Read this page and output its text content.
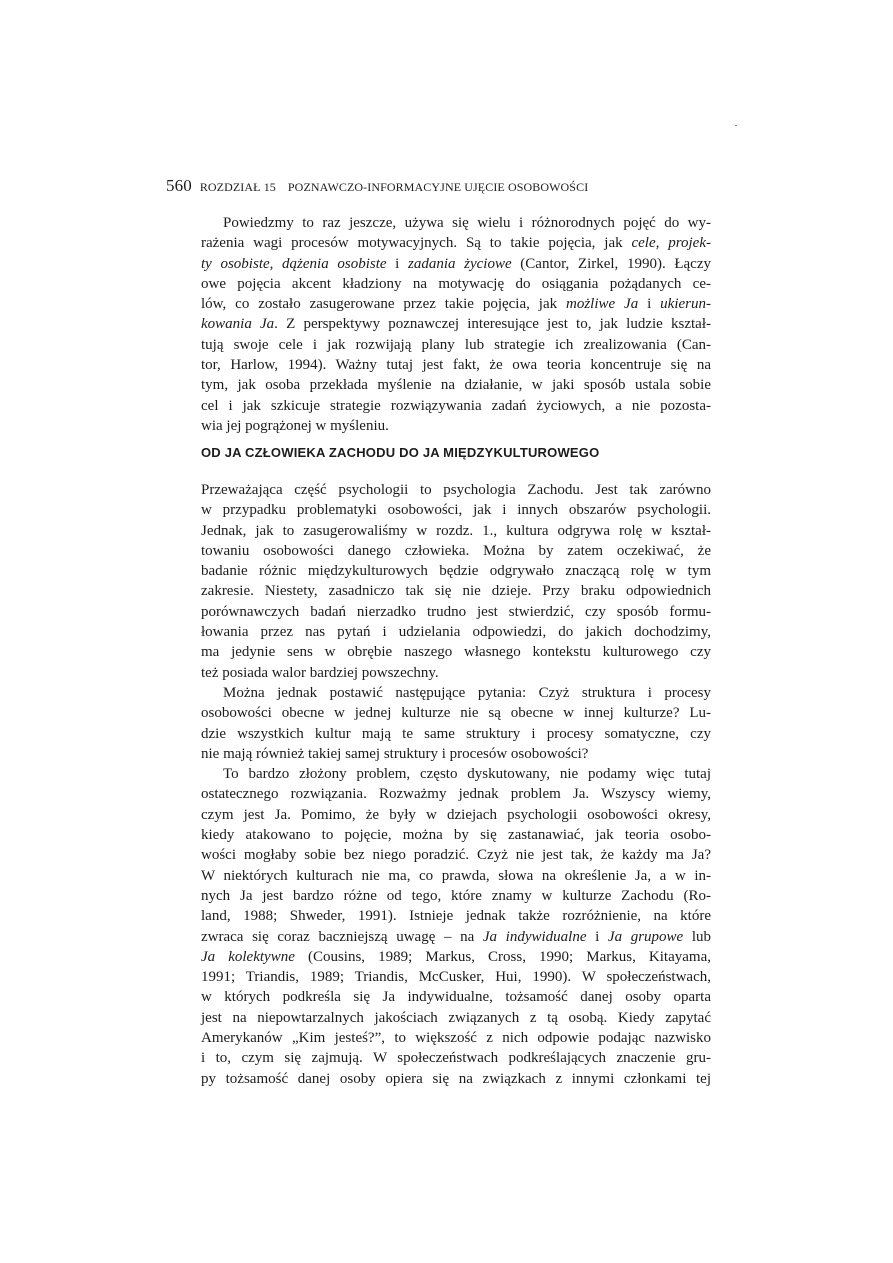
560 ROZDZIAŁ 15 POZNAWCZO-INFORMACYJNE UJĘCIE OSOBOWOŚCI
Powiedzmy to raz jeszcze, używa się wielu i różnorodnych pojęć do wy-
rażenia wagi procesów motywacyjnych. Są to takie pojęcia, jak cele, projek-
ty osobiste, dążenia osobiste i zadania życiowe (Cantor, Zirkel, 1990). Łączy
owe pojęcia akcent kładziony na motywację do osiągania pożądanych ce-
lów, co zostało zasugerowane przez takie pojęcia, jak możliwe Ja i ukierun-
kowania Ja. Z perspektywy poznawczej interesujące jest to, jak ludzie kształ-
tują swoje cele i jak rozwijają plany lub strategie ich zrealizowania (Can-
tor, Harlow, 1994). Ważny tutaj jest fakt, że owa teoria koncentruje się na
tym, jak osoba przekłada myślenie na działanie, w jaki sposób ustala sobie
cel i jak szkicuje strategie rozwiązywania zadań życiowych, a nie pozosta-
wia jej pogrążonej w myśleniu.
OD JA CZŁOWIEKA ZACHODU DO JA MIĘDZYKULTUROWEGO
Przeważająca część psychologii to psychologia Zachodu. Jest tak zarówno
w przypadku problematyki osobowości, jak i innych obszarów psychologii.
Jednak, jak to zasugerowaliśmy w rozdz. 1., kultura odgrywa rolę w kształ-
towaniu osobowości danego człowieka. Można by zatem oczekiwać, że
badanie różnic międzykulturowych będzie odgrywało znaczącą rolę w tym
zakresie. Niestety, zasadniczo tak się nie dzieje. Przy braku odpowiednich
porównawczych badań nierzadko trudno jest stwierdzić, czy sposób formu-
łowania przez nas pytań i udzielania odpowiedzi, do jakich dochodzimy,
ma jedynie sens w obrębie naszego własnego kontekstu kulturowego czy
też posiada walor bardziej powszechny.
Można jednak postawić następujące pytania: Czyż struktura i procesy
osobowości obecne w jednej kulturze nie są obecne w innej kulturze? Lu-
dzie wszystkich kultur mają te same struktury i procesy somatyczne, czy
nie mają również takiej samej struktury i procesów osobowości?
To bardzo złożony problem, często dyskutowany, nie podamy więc tutaj
ostatecznego rozwiązania. Rozważmy jednak problem Ja. Wszyscy wiemy,
czym jest Ja. Pomimo, że były w dziejach psychologii osobowości okresy,
kiedy atakowano to pojęcie, można by się zastanawiać, jak teoria osobo-
wości mogłaby sobie bez niego poradzić. Czyż nie jest tak, że każdy ma Ja?
W niektórych kulturach nie ma, co prawda, słowa na określenie Ja, a w in-
nych Ja jest bardzo różne od tego, które znamy w kulturze Zachodu (Ro-
land, 1988; Shweder, 1991). Istnieje jednak także rozróżnienie, na które
zwraca się coraz baczniejszą uwagę – na Ja indywidualne i Ja grupowe lub
Ja kolektywne (Cousins, 1989; Markus, Cross, 1990; Markus, Kitayama,
1991; Triandis, 1989; Triandis, McCusker, Hui, 1990). W społeczeństwach,
w których podkreśla się Ja indywidualne, tożsamość danej osoby oparta
jest na niepowtarzalnych jakościach związanych z tą osobą. Kiedy zapytać
Amerykanów „Kim jesteś?”, to większość z nich odpowie podając nazwisko
i to, czym się zajmują. W społeczeństwach podkreślających znaczenie gru-
py tożsamość danej osoby opiera się na związkach z innymi członkami tej
